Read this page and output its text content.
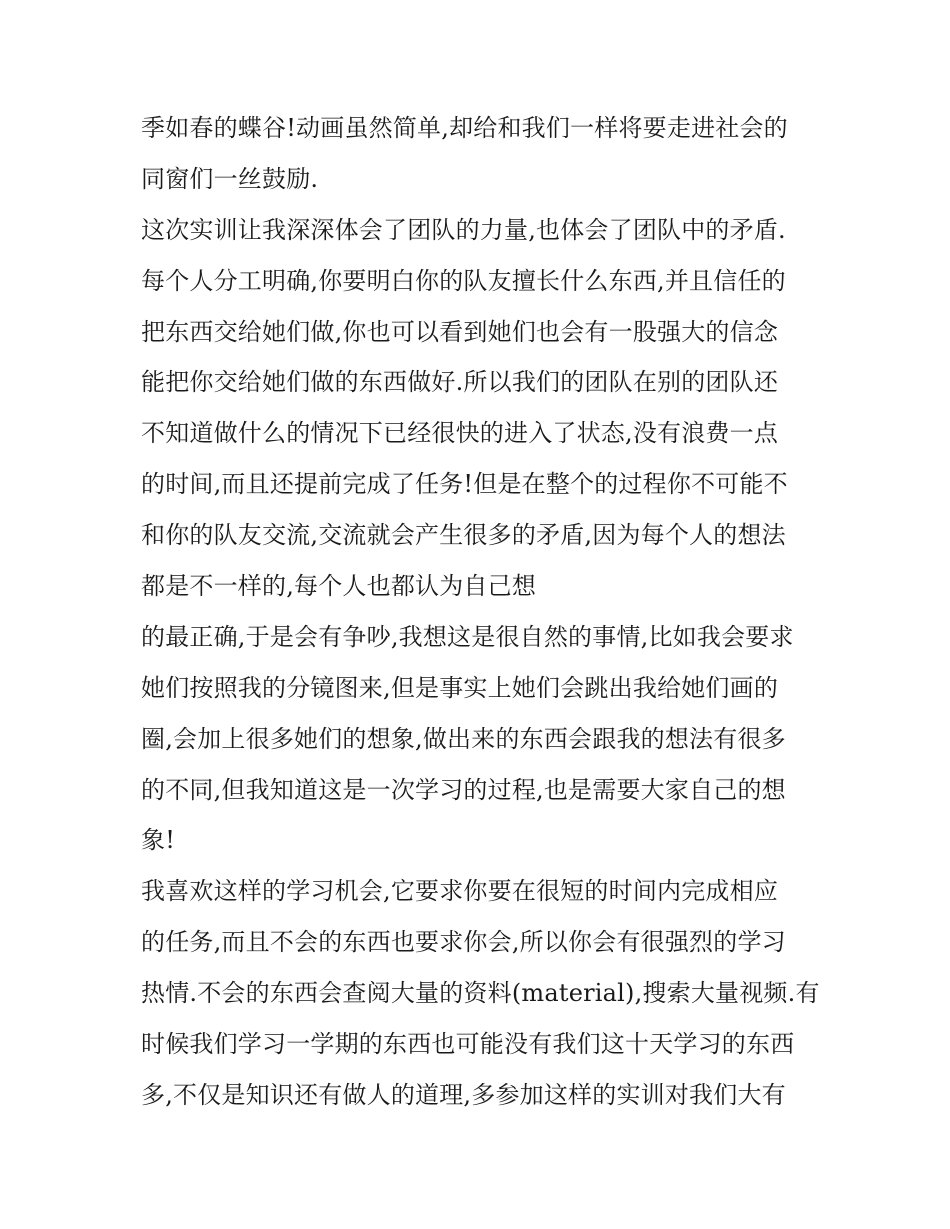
季如春的蝶谷!动画虽然简单,却给和我们一样将要走进社会的
同窗们一丝鼓励.
这次实训让我深深体会了团队的力量,也体会了团队中的矛盾.
每个人分工明确,你要明白你的队友擅长什么东西,并且信任的
把东西交给她们做,你也可以看到她们也会有一股强大的信念
能把你交给她们做的东西做好.所以我们的团队在别的团队还
不知道做什么的情况下已经很快的进入了状态,没有浪费一点
的时间,而且还提前完成了任务!但是在整个的过程你不可能不
和你的队友交流,交流就会产生很多的矛盾,因为每个人的想法
都是不一样的,每个人也都认为自己想
的最正确,于是会有争吵,我想这是很自然的事情,比如我会要求
她们按照我的分镜图来,但是事实上她们会跳出我给她们画的
圈,会加上很多她们的想象,做出来的东西会跟我的想法有很多
的不同,但我知道这是一次学习的过程,也是需要大家自己的想
象!
我喜欢这样的学习机会,它要求你要在很短的时间内完成相应
的任务,而且不会的东西也要求你会,所以你会有很强烈的学习
热情.不会的东西会查阅大量的资料(material),搜索大量视频.有
时候我们学习一学期的东西也可能没有我们这十天学习的东西
多,不仅是知识还有做人的道理,多参加这样的实训对我们大有
